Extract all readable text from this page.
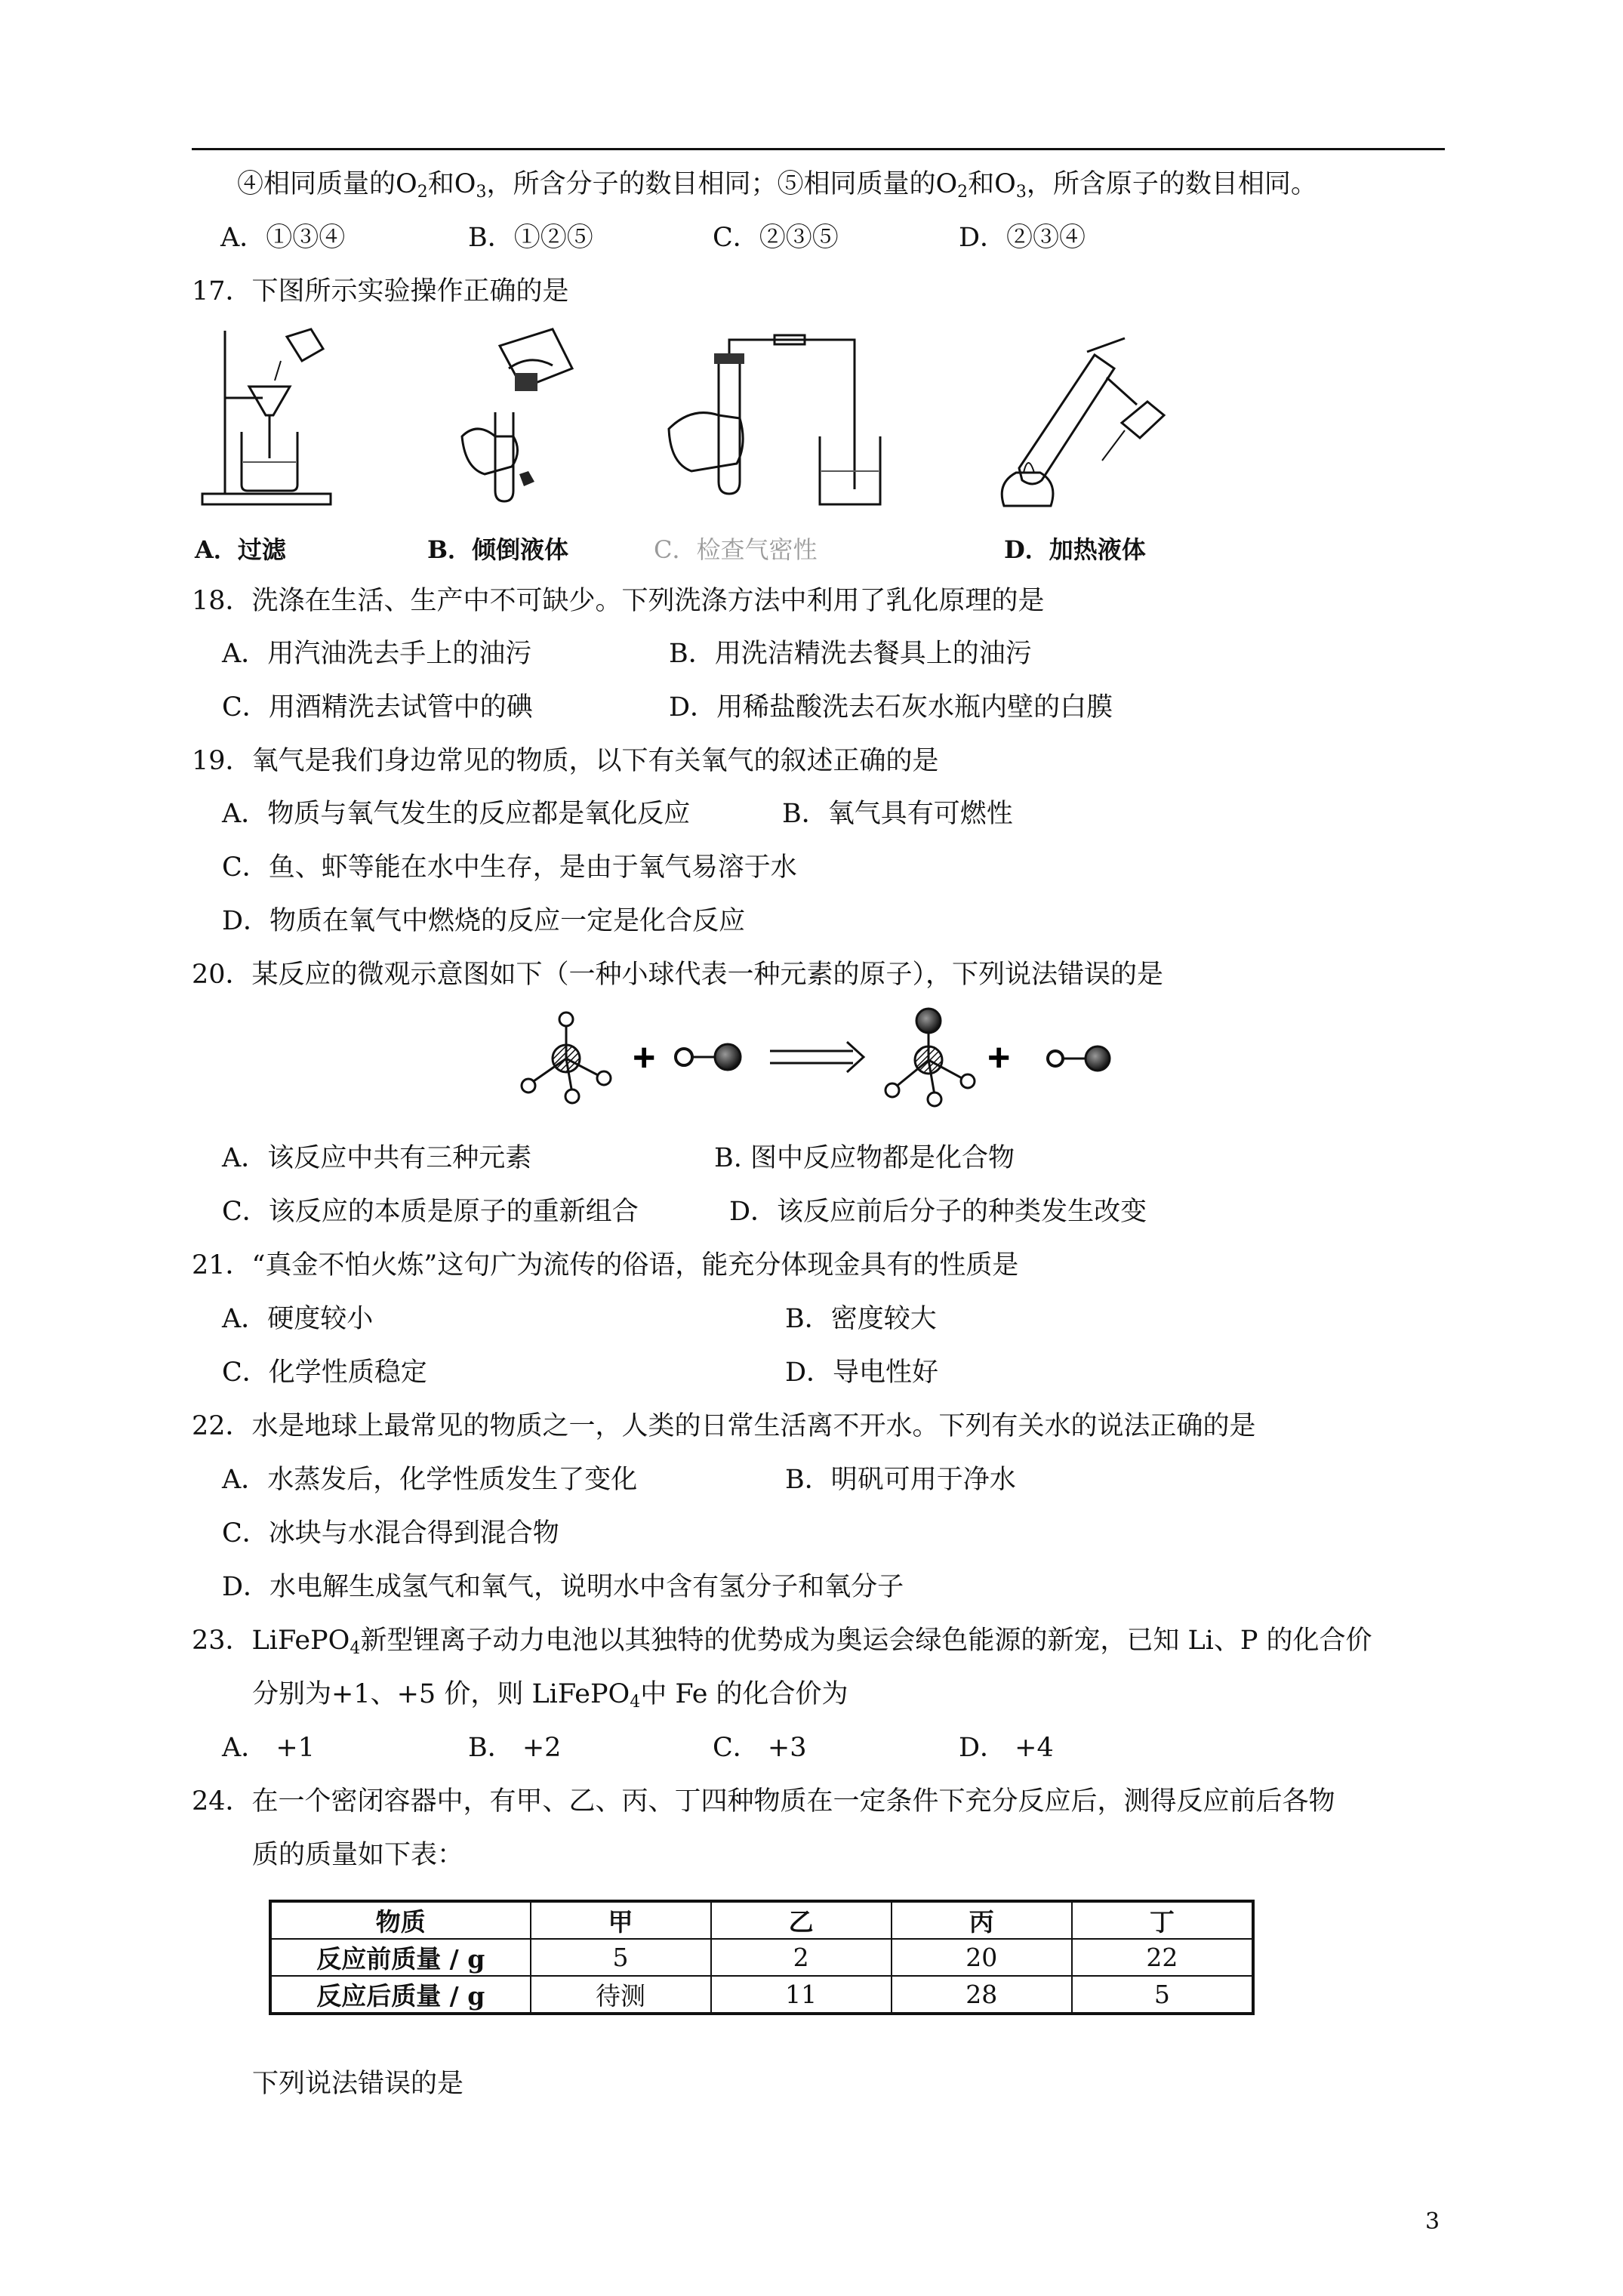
④相同质量的$O_2$和$O_3$，所含分子的数目相同；⑤相同质量的$O_2$和$O_3$，所含原子的数目相同。
A．①③④	B．①②⑤	C．②③⑤	D．②③④
17．下图所示实验操作正确的是
A．过滤	B．倾倒液体	C．检查气密性	D．加热液体
18．洗涤在生活、生产中不可缺少。下列洗涤方法中利用了乳化原理的是
A．用汽油洗去手上的油污	B．用洗洁精洗去餐具上的油污
C．用酒精洗去试管中的碘	D．用稀盐酸洗去石灰水瓶内壁的白膜
19．氧气是我们身边常见的物质，以下有关氧气的叙述正确的是
A．物质与氧气发生的反应都是氧化反应	B．氧气具有可燃性
C．鱼、虾等能在水中生存，是由于氧气易溶于水
D．物质在氧气中燃烧的反应一定是化合反应
20．某反应的微观示意图如下（一种小球代表一种元素的原子），下列说法错误的是
+	+
A．该反应中共有三种元素	B. 图中反应物都是化合物
C．该反应的本质是原子的重新组合	D．该反应前后分子的种类发生改变
21．“真金不怕火炼”这句广为流传的俗语，能充分体现金具有的性质是
A．硬度较小	B．密度较大
C．化学性质稳定	D．导电性好
22．水是地球上最常见的物质之一，人类的日常生活离不开水。下列有关水的说法正确的是
A．水蒸发后，化学性质发生了变化	B．明矾可用于净水
C．冰块与水混合得到混合物
D．水电解生成氢气和氧气，说明水中含有氢分子和氧分子
23．LiFePO$_4$新型锂离子动力电池以其独特的优势成为奥运会绿色能源的新宠，已知 Li、P 的化合价
分别为+1、+5 价，则 LiFePO$_4$中 Fe 的化合价为
A． +1	B． +2	C． +3	D． +4
24．在一个密闭容器中，有甲、乙、丙、丁四种物质在一定条件下充分反应后，测得反应前后各物
质的质量如下表：
物质	甲	乙	丙	丁
反应前质量 / g	5	2	20	22
反应后质量 / g	待测	11	28	5
下列说法错误的是
3
